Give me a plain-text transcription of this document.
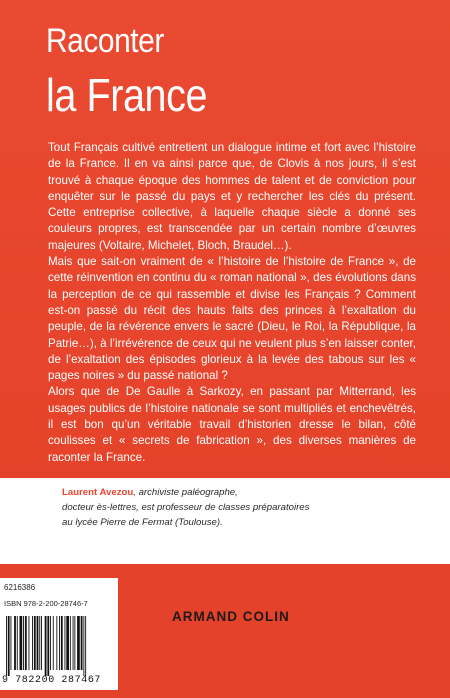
Raconter
la France

Tout Français cultivé entretient un dialogue intime et fort avec l’histoire de la France. Il en va ainsi parce que, de Clovis à nos jours, il s’est trouvé à chaque époque des hommes de talent et de conviction pour enquêter sur le passé du pays et y rechercher les clés du présent. Cette entreprise collective, à laquelle chaque siècle a donné ses couleurs propres, est transcendée par un certain nombre d’œuvres majeures (Voltaire, Michelet, Bloch, Braudel…).

Mais que sait-on vraiment de « l’histoire de l’histoire de France », de cette réinvention en continu du « roman national », des évolutions dans la perception de ce qui rassemble et divise les Français ? Comment est-on passé du récit des hauts faits des princes à l’exaltation du peuple, de la révérence envers le sacré (Dieu, le Roi, la République, la Patrie…), à l’irrévérence de ceux qui ne veulent plus s’en laisser conter, de l’exaltation des épisodes glorieux à la levée des tabous sur les « pages noires » du passé national ?

Alors que de De Gaulle à Sarkozy, en passant par Mitterrand, les usages publics de l’histoire nationale se sont multipliés et enchevêtrés, il est bon qu’un véritable travail d’historien dresse le bilan, côté coulisses et « secrets de fabrication », des diverses manières de raconter la France.

Laurent Avezou, archiviste paléographe,
docteur ès-lettres, est professeur de classes préparatoires
au lycée Pierre de Fermat (Toulouse).
6216386
ISBN 978-2-200-28746-7
9 782200 287467
ARMAND COLIN
